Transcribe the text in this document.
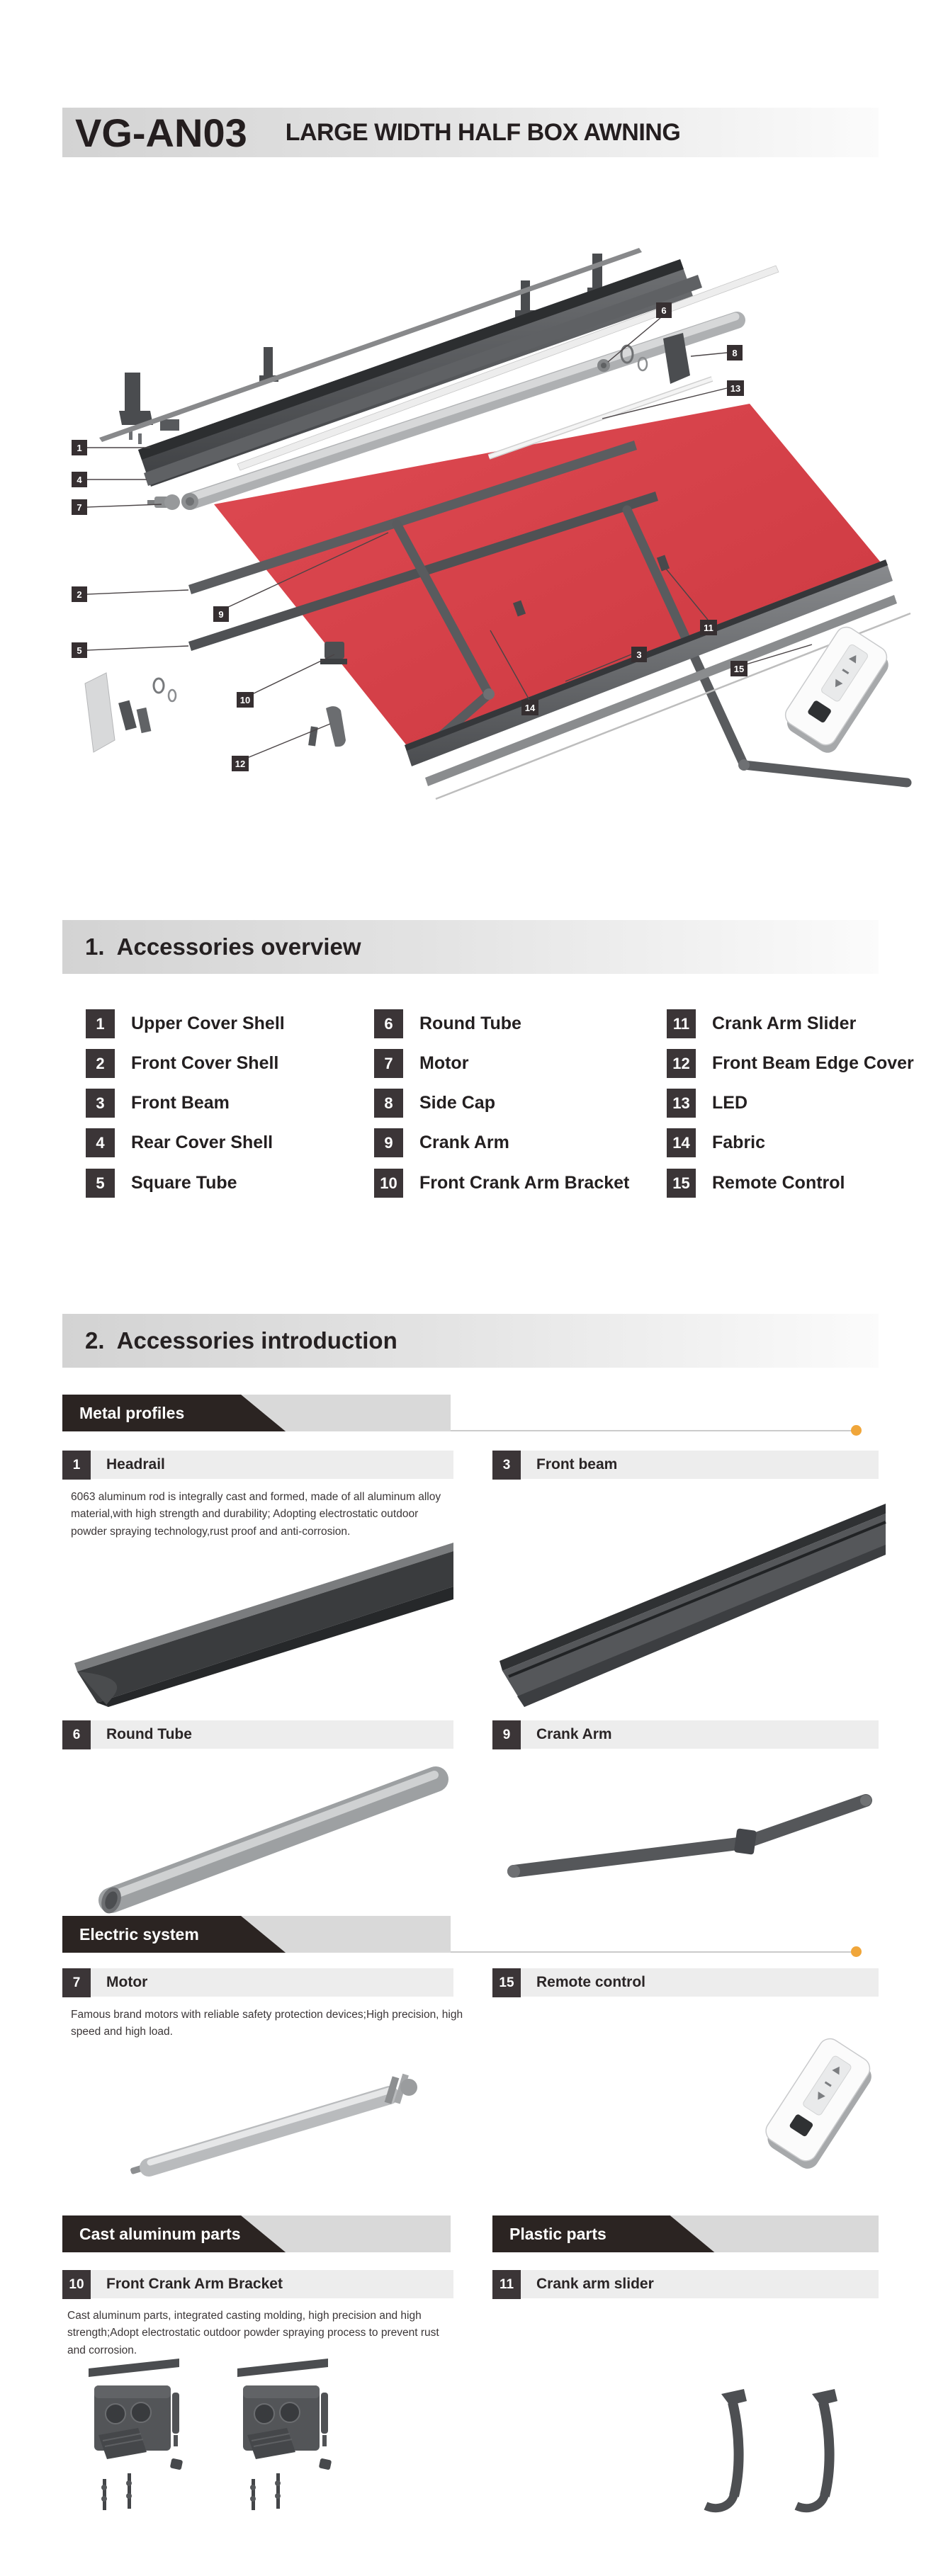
VG-AN03 LARGE WIDTH HALF BOX AWNING
1
4
7
2
5
9
10
12
14
3
11
15
6
8
13
1.  Accessories overview
1	Upper Cover Shell
2	Front Cover Shell
3	Front Beam
4	Rear Cover Shell
5	Square Tube
6	Round Tube
7	Motor
8	Side Cap
9	Crank Arm
10	Front Crank Arm Bracket
11	Crank Arm Slider
12	Front Beam Edge Cover
13	LED
14	Fabric
15	Remote Control
2.  Accessories introduction
Metal profiles
1	Headrail	3	Front beam
6063 aluminum rod is integrally cast and formed, made of all aluminum alloy material,with high strength and durability; Adopting electrostatic outdoor powder spraying technology,rust proof and anti-corrosion.
6	Round Tube	9	Crank Arm
Electric system
7	Motor	15	Remote control
Famous brand motors with reliable safety protection devices;High precision, high speed and high load.
Cast aluminum parts	Plastic parts
10	Front Crank Arm Bracket	11	Crank arm slider
Cast aluminum parts, integrated casting molding, high precision and high strength;Adopt electrostatic outdoor powder spraying process to prevent rust and corrosion.
